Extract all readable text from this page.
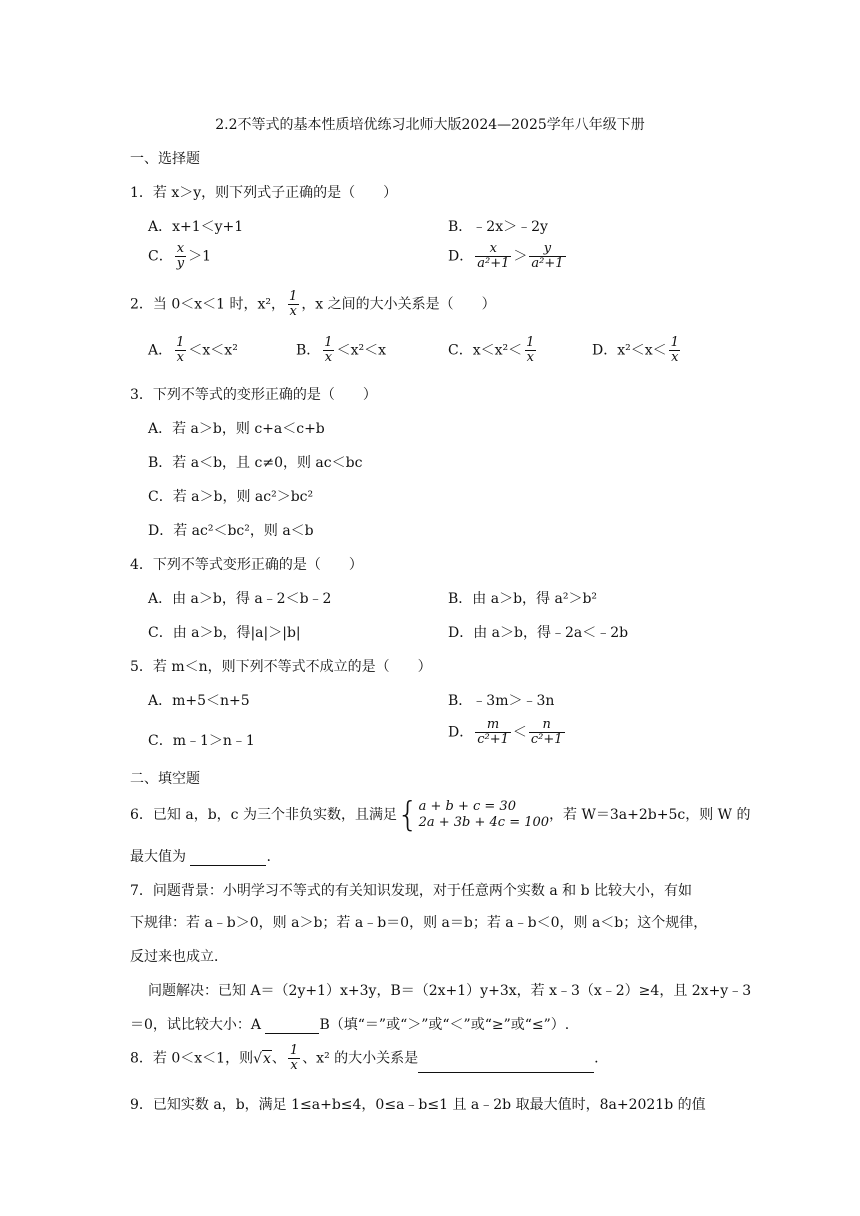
2.2不等式的基本性质培优练习北师大版2024—2025学年八年级下册
一、选择题
1．若 x＞y，则下列式子正确的是（　　）
A．x+1＜y+1	B．﹣2x＞﹣2y
C． $\frac{x}{y} >1$	D． $\frac{x}{\text{a²+1}} > \frac{y}{\text{a²+1}}$
2．当 0＜x＜1 时，x²， $\frac{1}{x}$ ，x 之间的大小关系是（　　）
A． $\frac{1}{x} <x<x^2$	B． $\frac{1}{x} <x^2<x$	C．$x<x^2< \frac{1}{x}$	D．$x^2<x< \frac{1}{x}$
3．下列不等式的变形正确的是（　　）
A．若 a＞b，则 c+a＜c+b
B．若 a＜b，且 c≠0，则 ac＜bc
C．若 a＞b，则 ac²＞bc²
D．若 ac²＜bc²，则 a＜b
4．下列不等式变形正确的是（　　）
A．由 a＞b，得 a﹣2＜b﹣2	B．由 a＞b，得 a²＞b²
C．由 a＞b，得|a|＞|b|	D．由 a＞b，得﹣2a＜﹣2b
5．若 m＜n，则下列不等式不成立的是（　　）
A．m+5＜n+5	B．﹣3m＞﹣3n
C．m﹣1＞n﹣1
D． $\frac{m}{\text{c²+1}} < \frac{n}{\text{c²+1}}$
二、填空题
6．已知 a，b，c 为三个非负实数，且满足 { a + b + c = 30
2a + 3b + 4c = 100 ，若 W＝3a+2b+5c，则 W 的
最大值为	.
7．问题背景：小明学习不等式的有关知识发现，对于任意两个实数 a 和 b 比较大小，有如
下规律：若 a﹣b＞0，则 a＞b；若 a﹣b＝0，则 a＝b；若 a﹣b＜0，则 a＜b；这个规律，
反过来也成立．
问题解决：已知 A＝（2y+1）x+3y，B＝（2x+1）y+3x，若 x﹣3（x﹣2）≥4，且 2x+y﹣3
＝0，试比较大小：A	B（填“＝”或“＞”或“＜”或“≥”或“≤”）.
8．若 0＜x＜1，则√x、 $\frac{1}{x}$ 、x² 的大小关系是	.
9．已知实数 a，b，满足 1≤a+b≤4，0≤a﹣b≤1 且 a﹣2b 取最大值时，8a+2021b 的值
